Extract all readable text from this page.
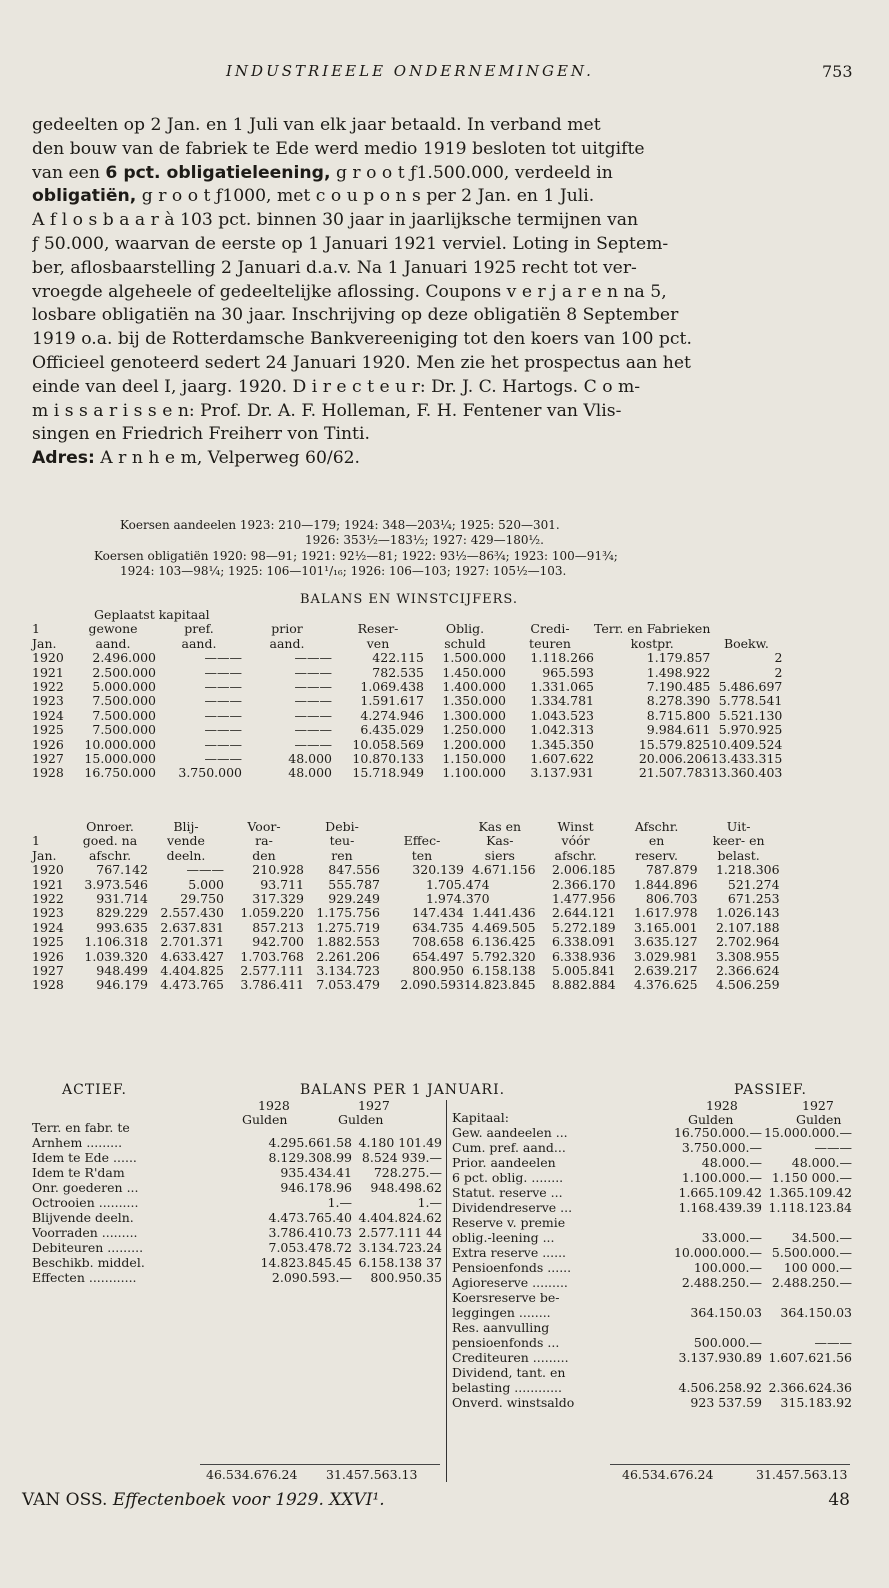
INDUSTRIEELE ONDERNEMINGEN.	753
gedeelten op 2 Jan. en 1 Juli van elk jaar betaald. In verband met
den bouw van de fabriek te Ede werd medio 1919 besloten tot uitgifte
van een 6 pct. obligatieleening, g r o o t ƒ1.500.000, verdeeld in
obligatiën, g r o o t ƒ1000, met c o u p o n s per 2 Jan. en 1 Juli.
A f l o s b a a r à 103 pct. binnen 30 jaar in jaarlijksche termijnen van
ƒ 50.000, waarvan de eerste op 1 Januari 1921 verviel. Loting in Septem-
ber, aflosbaarstelling 2 Januari d.a.v. Na 1 Januari 1925 recht tot ver-
vroegde algeheele of gedeeltelijke aflossing. Coupons v e r j a r e n na 5,
losbare obligatiën na 30 jaar. Inschrijving op deze obligatiën 8 September
1919 o.a. bij de Rotterdamsche Bankvereeniging tot den koers van 100 pct.
Officieel genoteerd sedert 24 Januari 1920. Men zie het prospectus aan het
einde van deel I, jaarg. 1920. D i r e c t e u r: Dr. J. C. Hartogs. C o m-
m i s s a r i s s e n: Prof. Dr. A. F. Holleman, F. H. Fentener van Vlis-
singen en Friedrich Freiherr von Tinti.
Adres: A r n h e m, Velperweg 60/62.
Koersen aandeelen 1923: 210—179; 1924: 348—203¼; 1925: 520—301.
1926: 353½—183½; 1927: 429—180½.
Koersen obligatiën 1920: 98—91; 1921: 92½—81; 1922: 93½—86¾; 1923: 100—91¾;
1924: 103—98¼; 1925: 106—101¹/₁₆; 1926: 106—103; 1927: 105½—103.
BALANS EN WINSTCIJFERS.
	Geplaatst kapitaal							
1	gewone	pref.	prior	Reser-	Oblig.	Credi-	Terr. en Fabrieken	
Jan.	aand.	aand.	aand.	ven	schuld	teuren	kostpr.	Boekw.
1920	2.496.000	———	———	422.115	1.500.000	1.118.266	1.179.857	2
1921	2.500.000	———	———	782.535	1.450.000	965.593	1.498.922	2
1922	5.000.000	———	———	1.069.438	1.400.000	1.331.065	7.190.485	5.486.697
1923	7.500.000	———	———	1.591.617	1.350.000	1.334.781	8.278.390	5.778.541
1924	7.500.000	———	———	4.274.946	1.300.000	1.043.523	8.715.800	5.521.130
1925	7.500.000	———	———	6.435.029	1.250.000	1.042.313	9.984.611	5.970.925
1926	10.000.000	———	———	10.058.569	1.200.000	1.345.350	15.579.825	10.409.524
1927	15.000.000	———	48.000	10.870.133	1.150.000	1.607.622	20.006.206	13.433.315
1928	16.750.000	3.750.000	48.000	15.718.949	1.100.000	3.137.931	21.507.783	13.360.403
	Onroer.	Blij-	Voor-	Debi-		Kas en	Winst	Afschr.	Uit-
1	goed. na	vende	ra-	teu-	Effec-	Kas-	vóór	en	keer- en
Jan.	afschr.	deeln.	den	ren	ten	siers	afschr.	reserv.	belast.
1920	767.142	———	210.928	847.556	320.139	4.671.156	2.006.185	787.879	1.218.306
1921	3.973.546	5.000	93.711	555.787	1.705.474		2.366.170	1.844.896	521.274
1922	931.714	29.750	317.329	929.249	1.974.370		1.477.956	806.703	671.253
1923	829.229	2.557.430	1.059.220	1.175.756	147.434	1.441.436	2.644.121	1.617.978	1.026.143
1924	993.635	2.637.831	857.213	1.275.719	634.735	4.469.505	5.272.189	3.165.001	2.107.188
1925	1.106.318	2.701.371	942.700	1.882.553	708.658	6.136.425	6.338.091	3.635.127	2.702.964
1926	1.039.320	4.633.427	1.703.768	2.261.206	654.497	5.792.320	6.338.936	3.029.981	3.308.955
1927	948.499	4.404.825	2.577.111	3.134.723	800.950	6.158.138	5.005.841	2.639.217	2.366.624
1928	946.179	4.473.765	3.786.411	7.053.479	2.090.593	14.823.845	8.882.884	4.376.625	4.506.259
ACTIEF.	BALANS PER 1 JANUARI.	PASSIEF.
1928	1927
Gulden	Gulden
1928	1927
Gulden	Gulden
Terr. en fabr. te
Arnhem .........	4.295.661.58 4.180 101.49
Idem te Ede ......	8.129.308.99 8.524 939.—
Idem te R'dam	935.434.41	728.275.—
Onr. goederen ...	946.178.96	948.498.62
Octrooien ..........	1.—	1.—
Blijvende deeln.	4.473.765.40 4.404.824.62
Voorraden .........	3.786.410.73 2.577.111 44
Debiteuren .........	7.053.478.72 3.134.723.24
Beschikb. middel.	14.823.845.45 6.158.138 37
Effecten ............	2.090.593.—	800.950.35
Kapitaal:
Gew. aandeelen ...	16.750.000.— 15.000.000.—
Cum. pref. aand...	3.750.000.—	———
Prior. aandeelen	48.000.—	48.000.—
6 pct. oblig. ........	1.100.000.— 1.150 000.—
Statut. reserve ...	1.665.109.42 1.365.109.42
Dividendreserve ...	1.168.439.39 1.118.123.84
Reserve v. premie
oblig.-leening ...	33.000.—	34.500.—
Extra reserve ......	10.000.000.— 5.500.000.—
Pensioenfonds ......	100.000.—	100 000.—
Agioreserve .........	2.488.250.— 2.488.250.—
Koersreserve be-
leggingen ........	364.150.03	364.150.03
Res. aanvulling
pensioenfonds ...	500.000.—	———
Crediteuren .........	3.137.930.89 1.607.621.56
Dividend, tant. en
belasting ............	4.506.258.92 2.366.624.36
Onverd. winstsaldo	923 537.59	315.183.92
46.534.676.24 31.457.563.13	46.534.676.24	31.457.563.13
VAN OSS. Effectenboek voor 1929. XXVI¹.	48
